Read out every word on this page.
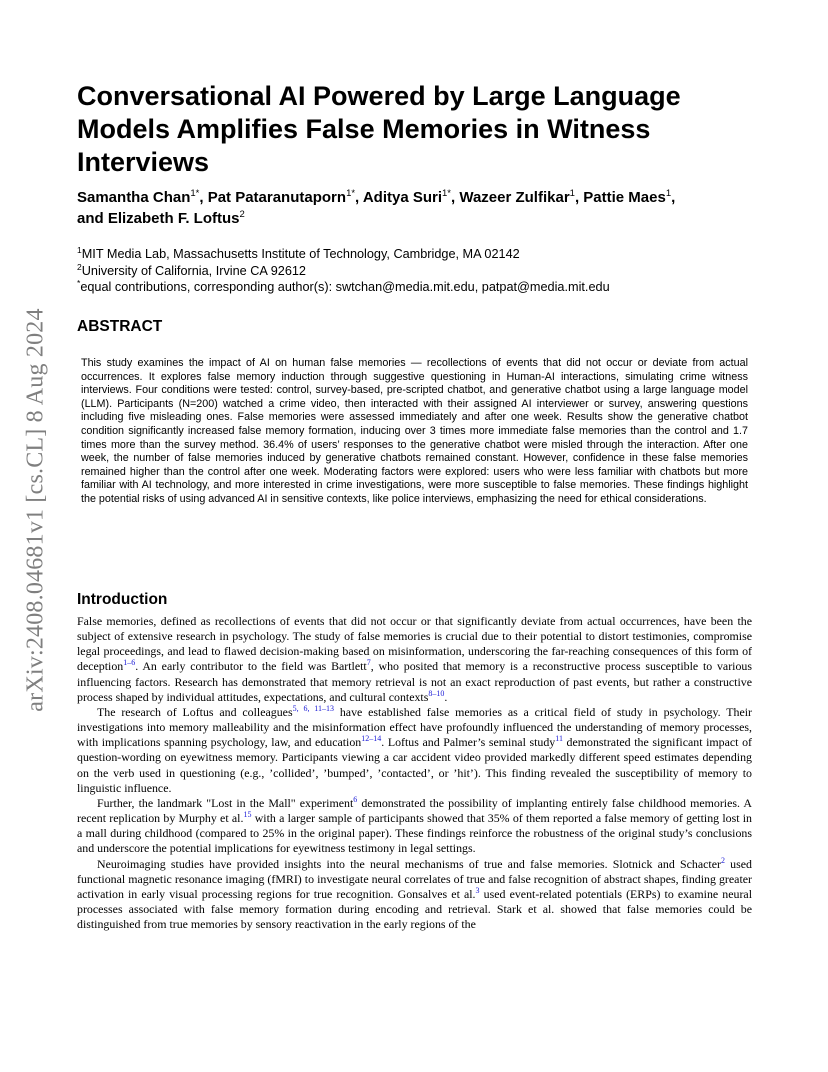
arXiv:2408.04681v1 [cs.CL] 8 Aug 2024
Conversational AI Powered by Large Language Models Amplifies False Memories in Witness Interviews
Samantha Chan$^{1*}$, Pat Pataranutaporn$^{1*}$, Aditya Suri$^{1*}$, Wazeer Zulfikar$^1$, Pattie Maes$^1$,
and Elizabeth F. Loftus$^2$
$^1$MIT Media Lab, Massachusetts Institute of Technology, Cambridge, MA 02142
$^2$University of California, Irvine CA 92612
*equal contributions, corresponding author(s): swtchan@media.mit.edu, patpat@media.mit.edu
ABSTRACT

This study examines the impact of AI on human false memories — recollections of events that did not occur or deviate from actual occurrences. It explores false memory induction through suggestive questioning in Human-AI interactions, simulating crime witness interviews. Four conditions were tested: control, survey-based, pre-scripted chatbot, and generative chatbot using a large language model (LLM). Participants (N=200) watched a crime video, then interacted with their assigned AI interviewer or survey, answering questions including five misleading ones. False memories were assessed immediately and after one week. Results show the generative chatbot condition significantly increased false memory formation, inducing over 3 times more immediate false memories than the control and 1.7 times more than the survey method. 36.4% of users’ responses to the generative chatbot were misled through the interaction. After one week, the number of false memories induced by generative chatbots remained constant. However, confidence in these false memories remained higher than the control after one week. Moderating factors were explored: users who were less familiar with chatbots but more familiar with AI technology, and more interested in crime investigations, were more susceptible to false memories. These findings highlight the potential risks of using advanced AI in sensitive contexts, like police interviews, emphasizing the need for ethical considerations.

Introduction

False memories, defined as recollections of events that did not occur or that significantly deviate from actual occurrences, have been the subject of extensive research in psychology. The study of false memories is crucial due to their potential to distort testimonies, compromise legal proceedings, and lead to flawed decision-making based on misinformation, underscoring the far-reaching consequences of this form of deception$^{1-6}$. An early contributor to the field was Bartlett$^7$, who posited that memory is a reconstructive process susceptible to various influencing factors. Research has demonstrated that memory retrieval is not an exact reproduction of past events, but rather a constructive process shaped by individual attitudes, expectations, and cultural contexts$^{8-10}$.

The research of Loftus and colleagues$^{5, 6, 11-13}$ have established false memories as a critical field of study in psychology. Their investigations into memory malleability and the misinformation effect have profoundly influenced the understanding of memory processes, with implications spanning psychology, law, and education$^{12-14}$. Loftus and Palmer’s seminal study$^{11}$ demonstrated the significant impact of question-wording on eyewitness memory. Participants viewing a car accident video provided markedly different speed estimates depending on the verb used in questioning (e.g., ’collided’, ’bumped’, ’contacted’, or ’hit’). This finding revealed the susceptibility of memory to linguistic influence.

Further, the landmark "Lost in the Mall" experiment$^6$ demonstrated the possibility of implanting entirely false childhood memories. A recent replication by Murphy et al.$^{15}$ with a larger sample of participants showed that 35% of them reported a false memory of getting lost in a mall during childhood (compared to 25% in the original paper). These findings reinforce the robustness of the original study’s conclusions and underscore the potential implications for eyewitness testimony in legal settings.

Neuroimaging studies have provided insights into the neural mechanisms of true and false memories. Slotnick and Schacter$^2$ used functional magnetic resonance imaging (fMRI) to investigate neural correlates of true and false recognition of abstract shapes, finding greater activation in early visual processing regions for true recognition. Gonsalves et al.$^3$ used event-related potentials (ERPs) to examine neural processes associated with false memory formation during encoding and retrieval. Stark et al. showed that false memories could be distinguished from true memories by sensory reactivation in the early regions of the
